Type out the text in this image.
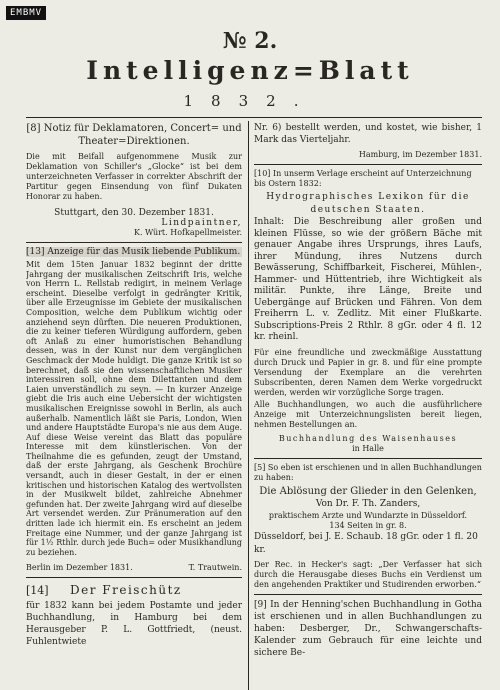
EMBMV
№ 2.
Intelligenz=Blatt
1832.

[8] Notiz für Deklamatoren, Concert= und Theater=Direktionen.

Die mit Beifall aufgenommene Musik zur Deklamation von Schiller's „Glocke“ ist bei dem unterzeichneten Verfasser in correkter Abschrift der Partitur gegen Einsendung von fünf Dukaten Honorar zu haben.

Stuttgart, den 30. Dezember 1831.

Lindpaintner,

K. Würt. Hofkapellmeister.

[13] Anzeige für das Musik liebende Publikum.

Mit dem 15ten Januar 1832 beginnt der dritte Jahrgang der musikalischen Zeitschrift Iris, welche von Herrn L. Rellstab redigirt, in meinem Verlage erscheint. Dieselbe verfolgt in gedrängter Kritik, über alle Erzeugnisse im Gebiete der musikalischen Composition, welche dem Publikum wichtig oder anziehend seyn dürften. Die neueren Produktionen, die zu keiner tieferen Würdigung auffordern, geben oft Anlaß zu einer humoristischen Behandlung dessen, was in der Kunst nur dem vergänglichen Geschmack der Mode huldigt. Die ganze Kritik ist so berechnet, daß sie den wissenschaftlichen Musiker interessiren soll, ohne dem Dilettanten und dem Laien unverständlich zu seyn. — In kurzer Anzeige giebt die Iris auch eine Uebersicht der wichtigsten musikalischen Ereignisse sowohl in Berlin, als auch außerhalb. Namentlich läßt sie Paris, London, Wien und andere Hauptstädte Europa's nie aus dem Auge. Auf diese Weise vereint das Blatt das populäre Interesse mit dem künstlerischen. Von der Theilnahme die es gefunden, zeugt der Umstand, daß der erste Jahrgang, als Geschenk Brochüre versandt, auch in dieser Gestalt, in der er einen kritischen und historischen Katalog des wertvollsten in der Musikwelt bildet, zahlreiche Abnehmer gefunden hat. Der zweite Jahrgang wird auf dieselbe Art versendet werden. Zur Pränumeration auf den dritten lade ich hiermit ein. Es erscheint an jedem Freitage eine Nummer, und der ganze Jahrgang ist für 1½ Rthlr. durch jede Buch= oder Musikhandlung zu beziehen.

Berlin im Dezember 1831.	T. Trautwein.
[14]	Der Freischütz

für 1832 kann bei jedem Postamte und jeder Buchhandlung, in Hamburg bei dem Herausgeber P. L. Gottfriedt, (neust. Fuhlentwiete

Nr. 6) bestellt werden, und kostet, wie bisher, 1 Mark das Vierteljahr.

Hamburg, im Dezember 1831.

[10] In unserm Verlage erscheint auf Unterzeichnung bis Ostern 1832:

Hydrographisches Lexikon für die deutschen Staaten.

Inhalt: Die Beschreibung aller großen und kleinen Flüsse, so wie der größern Bäche mit genauer Angabe ihres Ursprungs, ihres Laufs, ihrer Mündung, ihres Nutzens durch Bewässerung, Schiffbarkeit, Fischerei, Mühlen-, Hammer- und Hüttentrieb, ihre Wichtigkeit als militär. Punkte, ihre Länge, Breite und Uebergänge auf Brücken und Fähren. Von dem Freiherrn L. v. Zedlitz. Mit einer Flußkarte. Subscriptions-Preis 2 Rthlr. 8 gGr. oder 4 fl. 12 kr. rheinl.

Für eine freundliche und zweckmäßige Ausstattung durch Druck und Papier in gr. 8. und für eine prompte Versendung der Exemplare an die verehrten Subscribenten, deren Namen dem Werke vorgedruckt werden, werden wir vorzügliche Sorge tragen.

Alle Buchhandlungen, wo auch die ausführlichere Anzeige mit Unterzeichnungslisten bereit liegen, nehmen Bestellungen an.

Buchhandlung des Waisenhauses

in Halle

[5] So eben ist erschienen und in allen Buchhandlungen zu haben:

Die Ablösung der Glieder in den Gelenken,

Von Dr. F. Th. Zanders,

praktischem Arzte und Wundarzte in Düsseldorf.

134 Seiten in gr. 8.

Düsseldorf, bei J. E. Schaub. 18 gGr. oder 1 fl. 20 kr.

Der Rec. in Hecker's sagt: „Der Verfasser hat sich durch die Herausgabe dieses Buchs ein Verdienst um den angehenden Praktiker und Studirenden erworben.“

[9] In der Henning'schen Buchhandlung in Gotha ist erschienen und in allen Buchhandlungen zu haben: Desberger, Dr., Schwangerschafts-Kalender zum Gebrauch für eine leichte und sichere Be-
